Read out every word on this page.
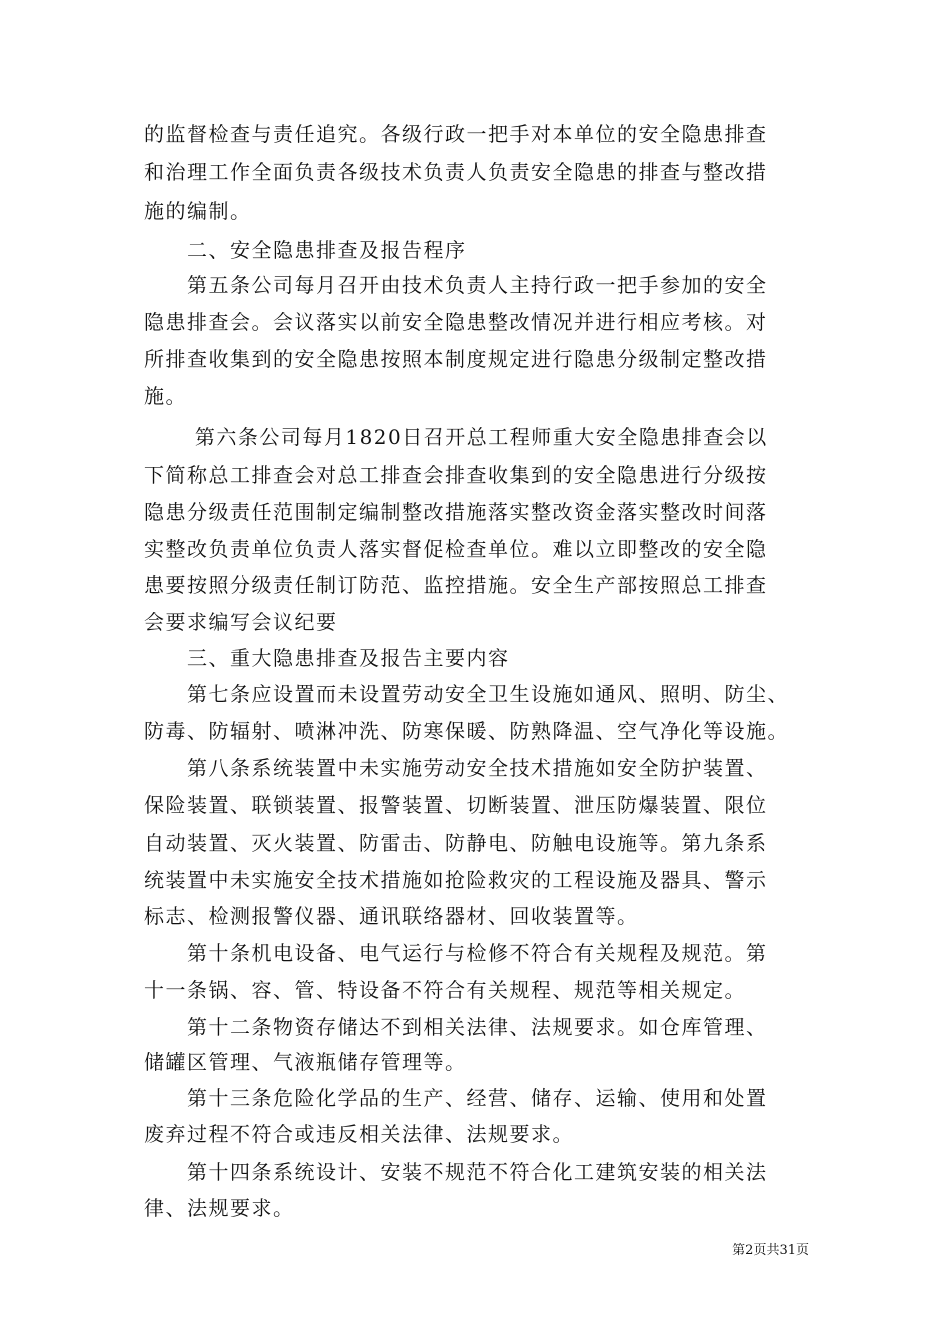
的监督检查与责任追究。各级行政一把手对本单位的安全隐患排查
和治理工作全面负责各级技术负责人负责安全隐患的排查与整改措
施的编制。
　　二、安全隐患排查及报告程序
　　第五条公司每月召开由技术负责人主持行政一把手参加的安全
隐患排查会。会议落实以前安全隐患整改情况并进行相应考核。对
所排查收集到的安全隐患按照本制度规定进行隐患分级制定整改措
施。
　　 第六条公司每月1820日召开总工程师重大安全隐患排查会以
下简称总工排查会对总工排查会排查收集到的安全隐患进行分级按
隐患分级责任范围制定编制整改措施落实整改资金落实整改时间落
实整改负责单位负责人落实督促检查单位。难以立即整改的安全隐
患要按照分级责任制订防范、监控措施。安全生产部按照总工排查
会要求编写会议纪要
　　三、重大隐患排查及报告主要内容
　　第七条应设置而未设置劳动安全卫生设施如通风、照明、防尘、
防毒、防辐射、喷淋冲洗、防寒保暖、防熟降温、空气净化等设施。
　　第八条系统装置中未实施劳动安全技术措施如安全防护装置、
保险装置、联锁装置、报警装置、切断装置、泄压防爆装置、限位
自动装置、灭火装置、防雷击、防静电、防触电设施等。第九条系
统装置中未实施安全技术措施如抢险救灾的工程设施及器具、警示
标志、检测报警仪器、通讯联络器材、回收装置等。
　　第十条机电设备、电气运行与检修不符合有关规程及规范。第
十一条锅、容、管、特设备不符合有关规程、规范等相关规定。
　　第十二条物资存储达不到相关法律、法规要求。如仓库管理、
储罐区管理、气液瓶储存管理等。
　　第十三条危险化学品的生产、经营、储存、运输、使用和处置
废弃过程不符合或违反相关法律、法规要求。
　　第十四条系统设计、安装不规范不符合化工建筑安装的相关法
律、法规要求。
第2页共31页
